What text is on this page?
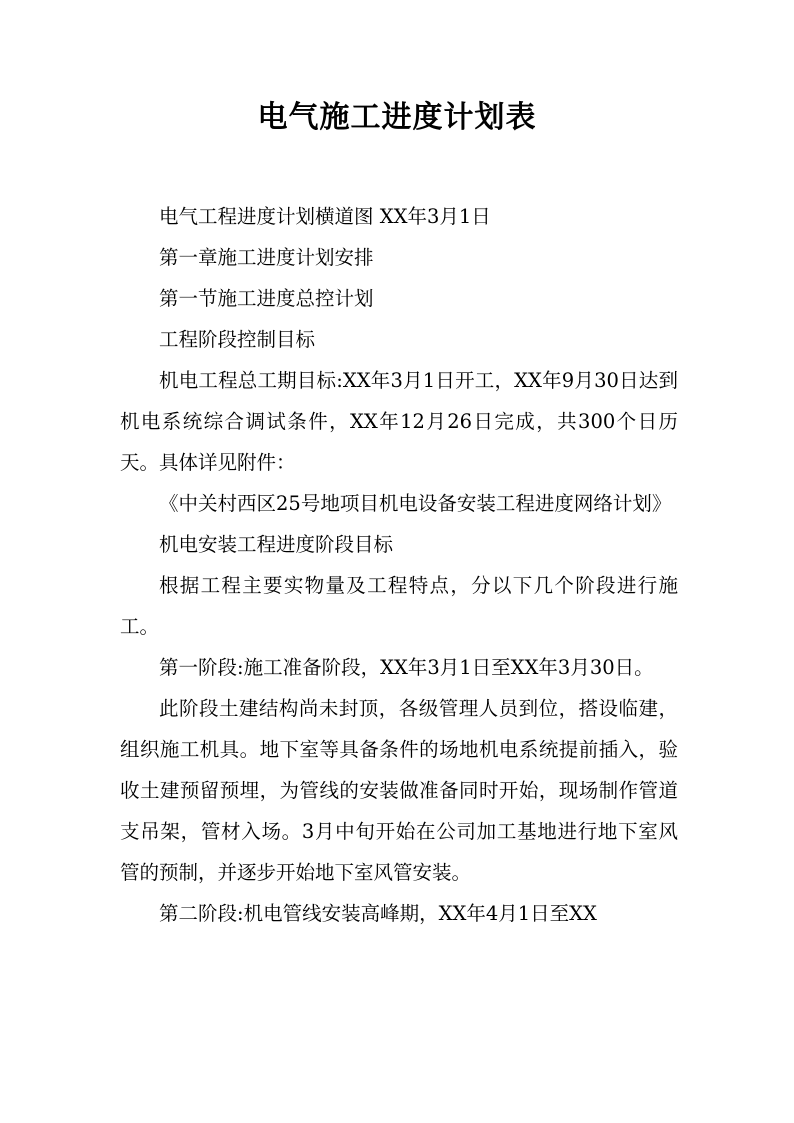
电气施工进度计划表

电气工程进度计划横道图 XX年3月1日

第一章施工进度计划安排

第一节施工进度总控计划

工程阶段控制目标

机电工程总工期目标:XX年3月1日开工，XX年9月30日达到机电系统综合调试条件，XX年12月26日完成，共300个日历天。具体详见附件：

《中关村西区25号地项目机电设备安装工程进度网络计划》

机电安装工程进度阶段目标

根据工程主要实物量及工程特点，分以下几个阶段进行施工。

第一阶段:施工准备阶段，XX年3月1日至XX年3月30日。

此阶段土建结构尚未封顶，各级管理人员到位，搭设临建，组织施工机具。地下室等具备条件的场地机电系统提前插入，验收土建预留预埋，为管线的安装做准备同时开始，现场制作管道支吊架，管材入场。3月中旬开始在公司加工基地进行地下室风管的预制，并逐步开始地下室风管安装。

第二阶段:机电管线安装高峰期，XX年4月1日至XX
